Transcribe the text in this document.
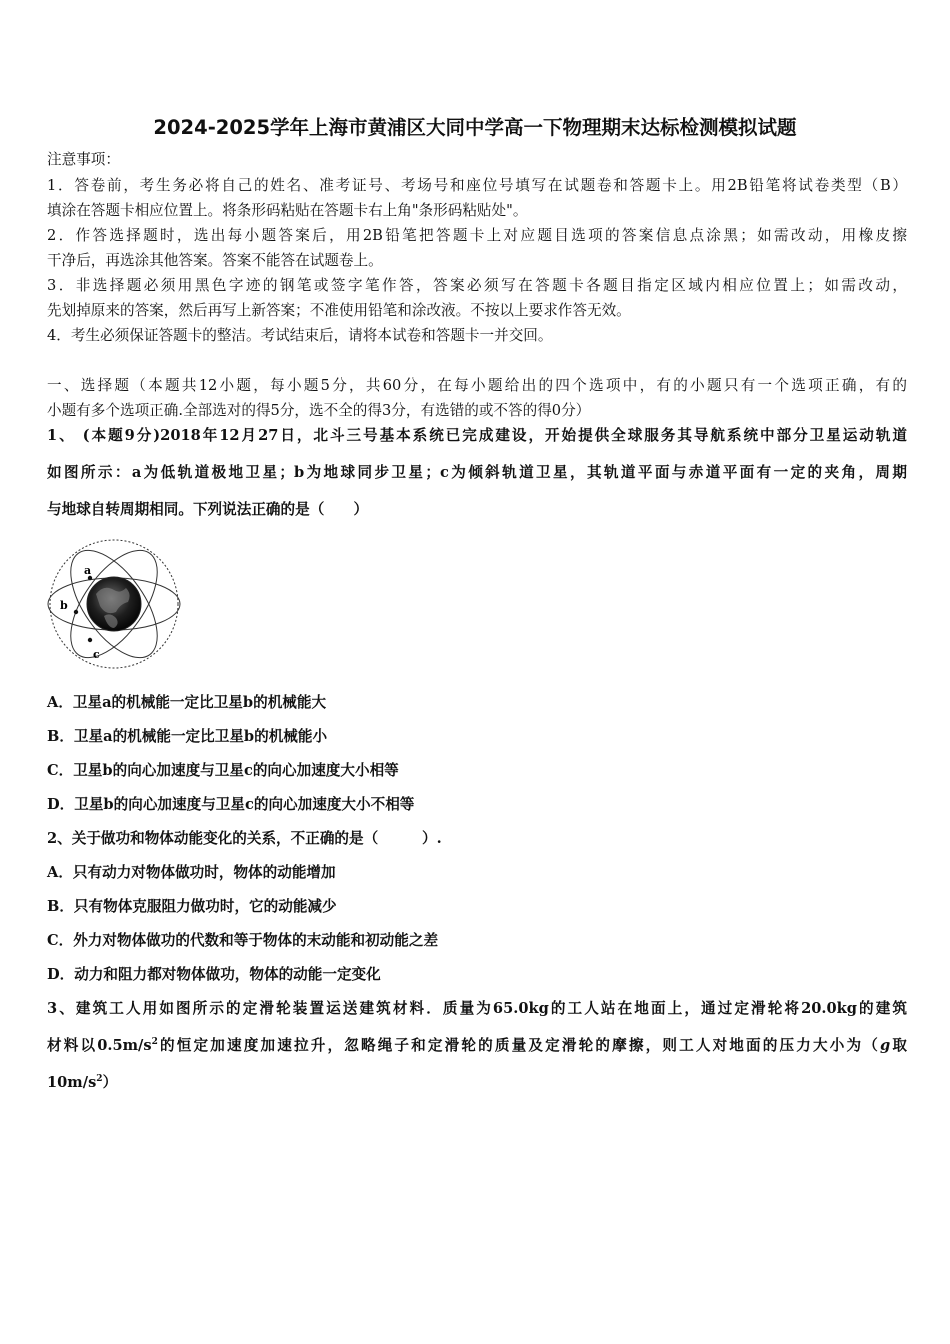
2024-2025学年上海市黄浦区大同中学高一下物理期末达标检测模拟试题
注意事项：
1．答卷前，考生务必将自己的姓名、准考证号、考场号和座位号填写在试题卷和答题卡上。用2B铅笔将试卷类型（B）
填涂在答题卡相应位置上。将条形码粘贴在答题卡右上角"条形码粘贴处"。
2．作答选择题时，选出每小题答案后，用2B铅笔把答题卡上对应题目选项的答案信息点涂黑；如需改动，用橡皮擦
干净后，再选涂其他答案。答案不能答在试题卷上。
3．非选择题必须用黑色字迹的钢笔或签字笔作答，答案必须写在答题卡各题目指定区域内相应位置上；如需改动，
先划掉原来的答案，然后再写上新答案；不准使用铅笔和涂改液。不按以上要求作答无效。
4．考生必须保证答题卡的整洁。考试结束后，请将本试卷和答题卡一并交回。
一、选择题（本题共12小题，每小题5分，共60分，在每小题给出的四个选项中，有的小题只有一个选项正确，有的
小题有多个选项正确.全部选对的得5分，选不全的得3分，有选错的或不答的得0分）
1、 (本题9分)2018年12月27日，北斗三号基本系统已完成建设，开始提供全球服务其导航系统中部分卫星运动轨道
如图所示：a为低轨道极地卫星；b为地球同步卫星；c为倾斜轨道卫星，其轨道平面与赤道平面有一定的夹角，周期
与地球自转周期相同。下列说法正确的是（　　）
a
b
c
A．卫星a的机械能一定比卫星b的机械能大
B．卫星a的机械能一定比卫星b的机械能小
C．卫星b的向心加速度与卫星c的向心加速度大小相等
D．卫星b的向心加速度与卫星c的向心加速度大小不相等
2、关于做功和物体动能变化的关系，不正确的是（　　　）.
A．只有动力对物体做功时，物体的动能增加
B．只有物体克服阻力做功时，它的动能减少
C．外力对物体做功的代数和等于物体的末动能和初动能之差
D．动力和阻力都对物体做功，物体的动能一定变化
3、建筑工人用如图所示的定滑轮装置运送建筑材料．质量为65.0kg的工人站在地面上，通过定滑轮将20.0kg的建筑
材料以$0.5m/s^2$的恒定加速度加速拉升，忽略绳子和定滑轮的质量及定滑轮的摩擦，则工人对地面的压力大小为（g取
$10m/s^2$）
